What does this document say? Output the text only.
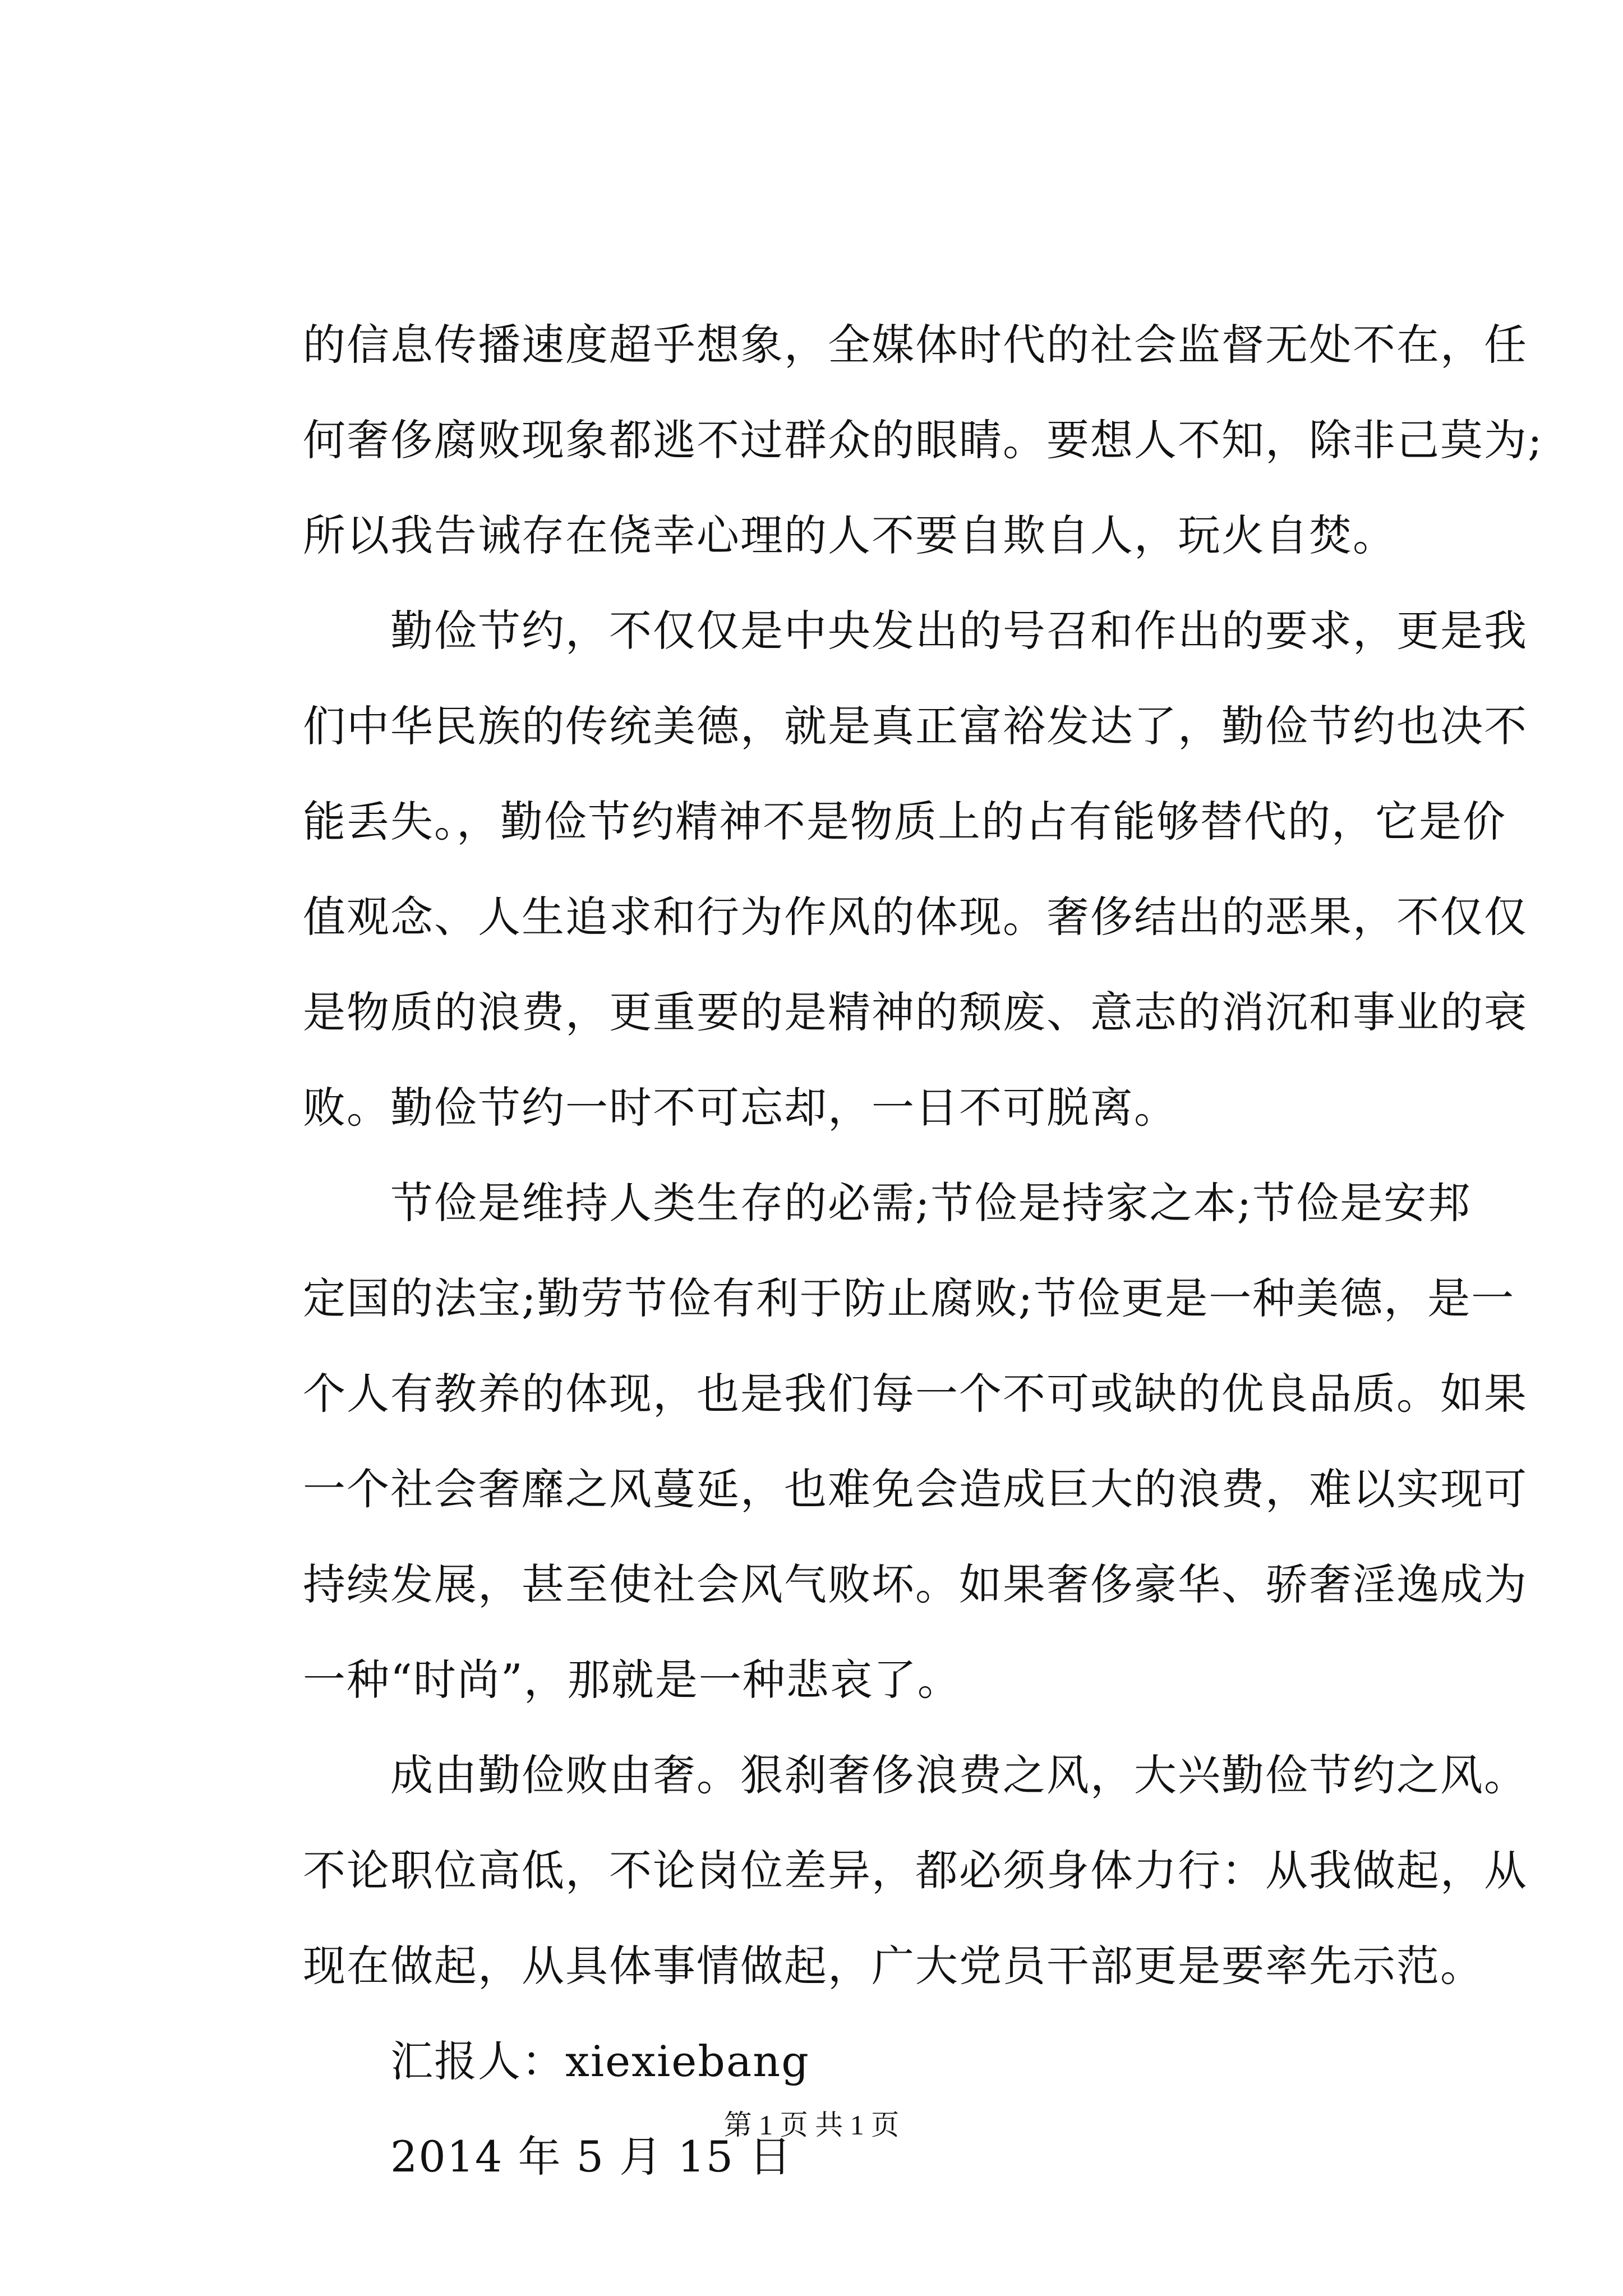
的信息传播速度超乎想象，全媒体时代的社会监督无处不在，任
何奢侈腐败现象都逃不过群众的眼睛。要想人不知，除非己莫为;
所以我告诫存在侥幸心理的人不要自欺自人，玩火自焚。
勤俭节约，不仅仅是中央发出的号召和作出的要求，更是我
们中华民族的传统美德，就是真正富裕发达了，勤俭节约也决不
能丢失。，勤俭节约精神不是物质上的占有能够替代的，它是价
值观念、人生追求和行为作风的体现。奢侈结出的恶果，不仅仅
是物质的浪费，更重要的是精神的颓废、意志的消沉和事业的衰
败。勤俭节约一时不可忘却，一日不可脱离。
节俭是维持人类生存的必需;节俭是持家之本;节俭是安邦
定国的法宝;勤劳节俭有利于防止腐败;节俭更是一种美德，是一
个人有教养的体现，也是我们每一个不可或缺的优良品质。如果
一个社会奢靡之风蔓延，也难免会造成巨大的浪费，难以实现可
持续发展，甚至使社会风气败坏。如果奢侈豪华、骄奢淫逸成为
一种“时尚”，那就是一种悲哀了。
成由勤俭败由奢。狠刹奢侈浪费之风，大兴勤俭节约之风。
不论职位高低，不论岗位差异，都必须身体力行：从我做起，从
现在做起，从具体事情做起，广大党员干部更是要率先示范。
汇报人：xiexiebang
2014 年 5 月 15 日
第 1 页 共 1 页
